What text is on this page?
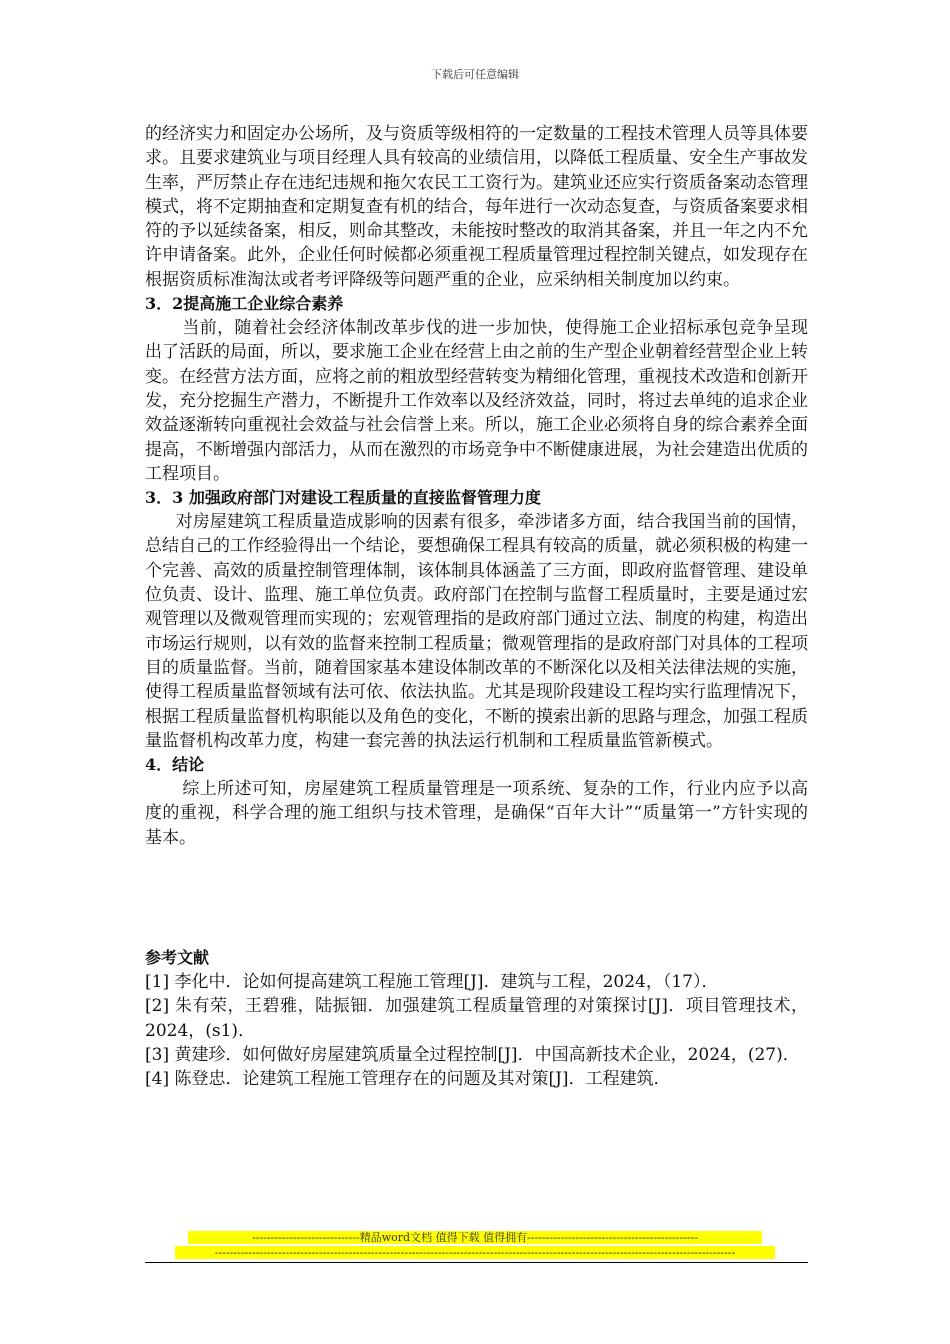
下载后可任意编辑

的经济实力和固定办公场所，及与资质等级相符的一定数量的工程技术管理人员等具体要求。且要求建筑业与项目经理人具有较高的业绩信用，以降低工程质量、安全生产事故发生率，严厉禁止存在违纪违规和拖欠农民工工资行为。建筑业还应实行资质备案动态管理模式，将不定期抽查和定期复查有机的结合，每年进行一次动态复查，与资质备案要求相符的予以延续备案，相反，则命其整改，未能按时整改的取消其备案，并且一年之内不允许申请备案。此外，企业任何时候都必须重视工程质量管理过程控制关键点，如发现存在根据资质标准淘汰或者考评降级等问题严重的企业，应采纳相关制度加以约束。

3．2提高施工企业综合素养

当前，随着社会经济体制改革步伐的进一步加快，使得施工企业招标承包竞争呈现出了活跃的局面，所以，要求施工企业在经营上由之前的生产型企业朝着经营型企业上转变。在经营方法方面，应将之前的粗放型经营转变为精细化管理，重视技术改造和创新开发，充分挖掘生产潜力，不断提升工作效率以及经济效益，同时，将过去单纯的追求企业效益逐渐转向重视社会效益与社会信誉上来。所以，施工企业必须将自身的综合素养全面提高，不断增强内部活力，从而在激烈的市场竞争中不断健康进展，为社会建造出优质的工程项目。

3．3 加强政府部门对建设工程质量的直接监督管理力度

对房屋建筑工程质量造成影响的因素有很多，牵涉诸多方面，结合我国当前的国情，总结自己的工作经验得出一个结论，要想确保工程具有较高的质量，就必须积极的构建一个完善、高效的质量控制管理体制，该体制具体涵盖了三方面，即政府监督管理、建设单位负责、设计、监理、施工单位负责。政府部门在控制与监督工程质量时，主要是通过宏观管理以及微观管理而实现的；宏观管理指的是政府部门通过立法、制度的构建，构造出市场运行规则，以有效的监督来控制工程质量；微观管理指的是政府部门对具体的工程项目的质量监督。当前，随着国家基本建设体制改革的不断深化以及相关法律法规的实施，使得工程质量监督领域有法可依、依法执监。尤其是现阶段建设工程均实行监理情况下，根据工程质量监督机构职能以及角色的变化，不断的摸索出新的思路与理念，加强工程质量监督机构改革力度，构建一套完善的执法运行机制和工程质量监管新模式。

4．结论

综上所述可知，房屋建筑工程质量管理是一项系统、复杂的工作，行业内应予以高度的重视，科学合理的施工组织与技术管理，是确保“百年大计”“质量第一”方针实现的基本。

参考文献

[1] 李化中．论如何提高建筑工程施工管理[J]．建筑与工程，2024，（17）．

[2] 朱有荣，王碧雅，陆振钿．加强建筑工程质量管理的对策探讨[J]．项目管理技术，2024，(s1)．

[3] 黄建珍．如何做好房屋建筑质量全过程控制[J]．中国高新技术企业，2024，(27)．

[4] 陈登忠．论建筑工程施工管理存在的问题及其对策[J]．工程建筑．

-----------------------------精品word文档 值得下载 值得拥有----------------------------------------------
--------------------------------------------------------------------------------------------------------------------------------------------
